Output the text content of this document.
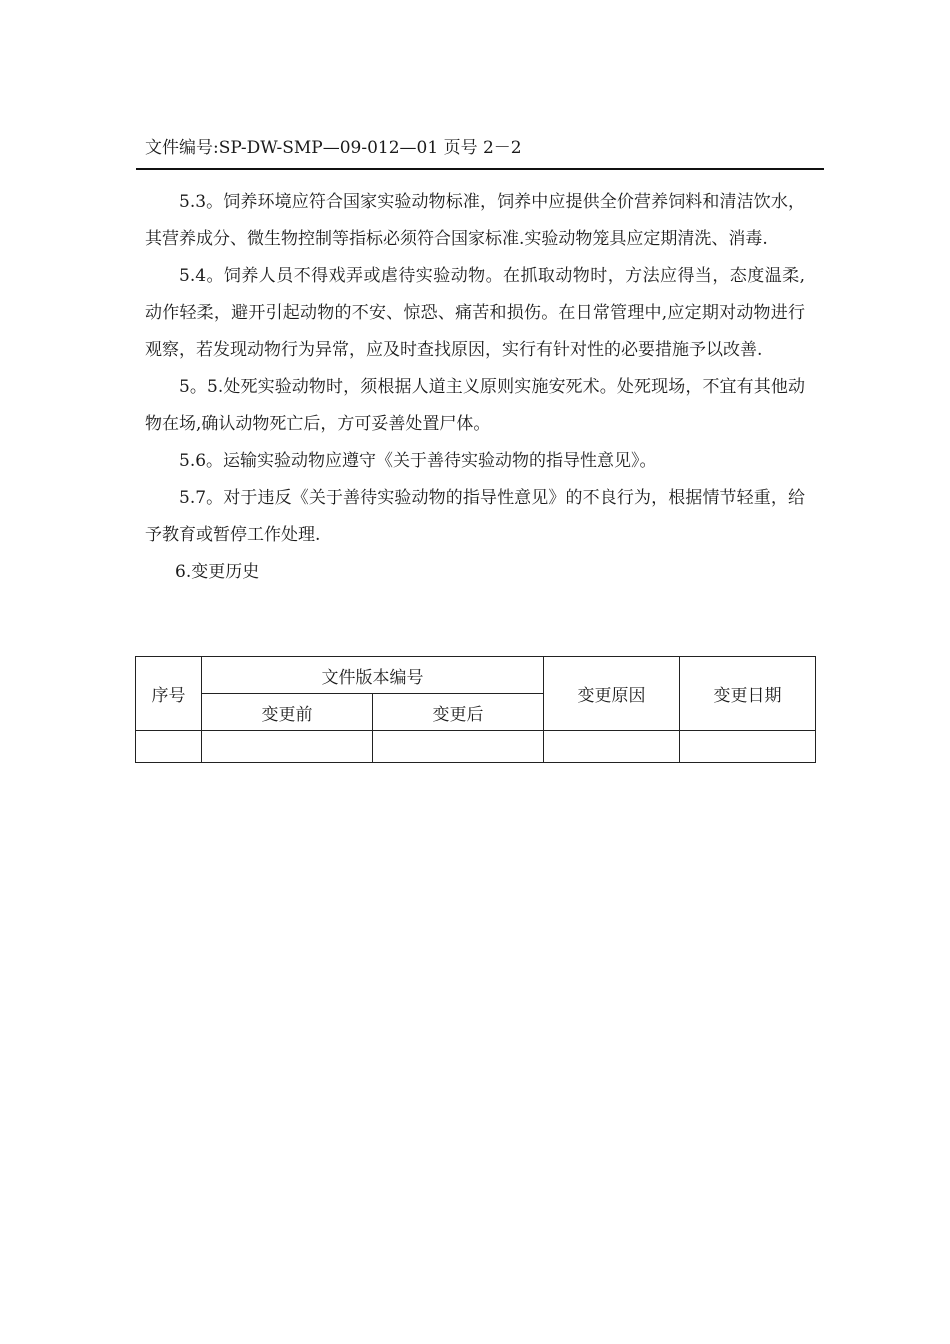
文件编号:SP-DW-SMP—09-012—01 页号 2－2

5.3。饲养环境应符合国家实验动物标准，饲养中应提供全价营养饲料和清洁饮水，其营养成分、微生物控制等指标必须符合国家标准.实验动物笼具应定期清洗、消毒.

5.4。饲养人员不得戏弄或虐待实验动物。在抓取动物时，方法应得当，态度温柔,动作轻柔，避开引起动物的不安、惊恐、痛苦和损伤。在日常管理中,应定期对动物进行观察，若发现动物行为异常，应及时查找原因，实行有针对性的必要措施予以改善.

5。5.处死实验动物时，须根据人道主义原则实施安死术。处死现场，不宜有其他动物在场,确认动物死亡后，方可妥善处置尸体。

5.6。运输实验动物应遵守《关于善待实验动物的指导性意见》。

5.7。对于违反《关于善待实验动物的指导性意见》的不良行为，根据情节轻重，给予教育或暂停工作处理.

6.变更历史

序号	文件版本编号		变更原因	变更日期
	变更前	变更后		
